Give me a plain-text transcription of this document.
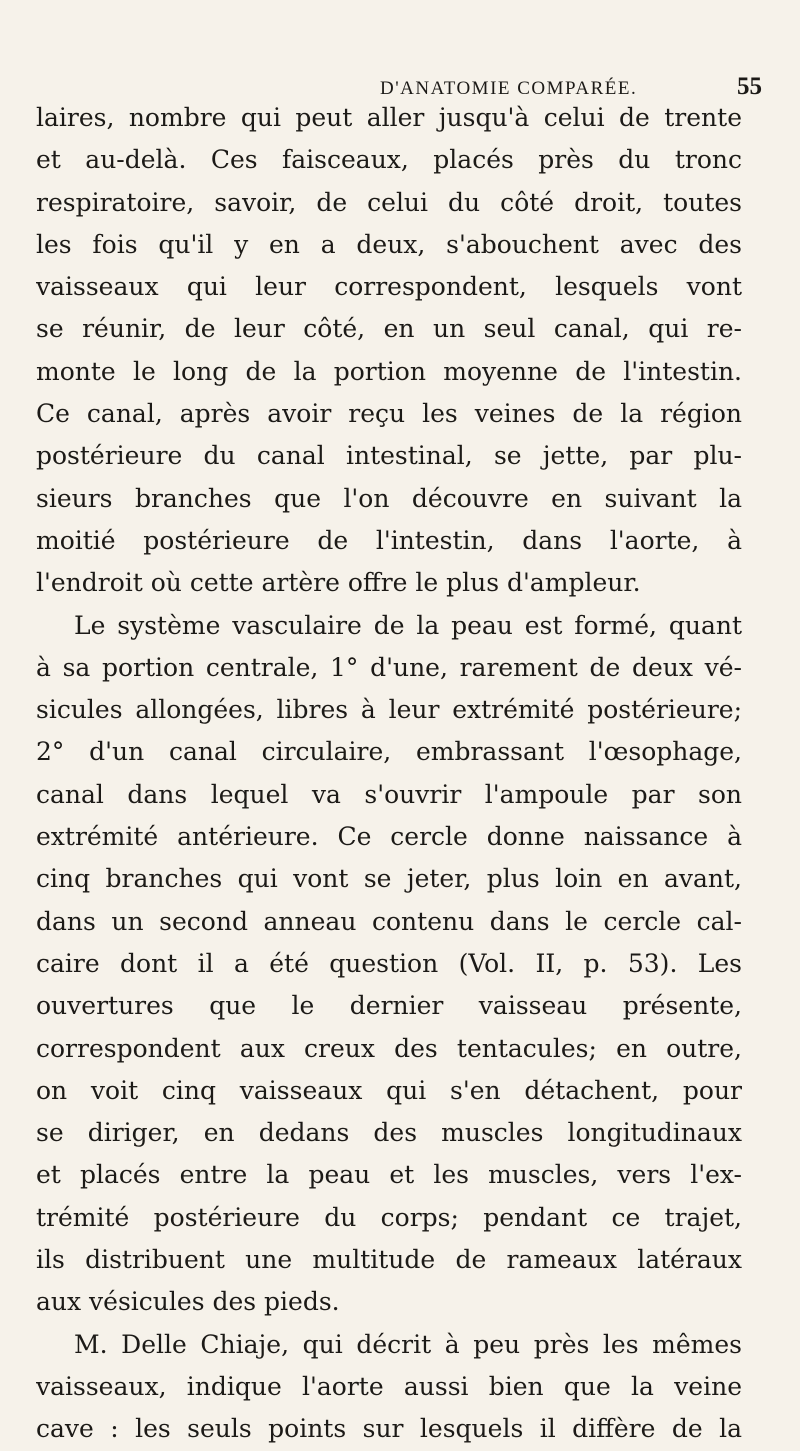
D'ANATOMIE COMPARÉE.	55
laires, nombre qui peut aller jusqu'à celui de trente
et au-delà. Ces faisceaux, placés près du tronc
respiratoire, savoir, de celui du côté droit, toutes
les fois qu'il y en a deux, s'abouchent avec des
vaisseaux qui leur correspondent, lesquels vont
se réunir, de leur côté, en un seul canal, qui re-
monte le long de la portion moyenne de l'intestin.
Ce canal, après avoir reçu les veines de la région
postérieure du canal intestinal, se jette, par plu-
sieurs branches que l'on découvre en suivant la
moitié postérieure de l'intestin, dans l'aorte, à
l'endroit où cette artère offre le plus d'ampleur.
Le système vasculaire de la peau est formé, quant
à sa portion centrale, 1° d'une, rarement de deux vé-
sicules allongées, libres à leur extrémité postérieure;
2° d'un canal circulaire, embrassant l'œsophage,
canal dans lequel va s'ouvrir l'ampoule par son
extrémité antérieure. Ce cercle donne naissance à
cinq branches qui vont se jeter, plus loin en avant,
dans un second anneau contenu dans le cercle cal-
caire dont il a été question (Vol. II, p. 53). Les
ouvertures que le dernier vaisseau présente,
correspondent aux creux des tentacules; en outre,
on voit cinq vaisseaux qui s'en détachent, pour
se diriger, en dedans des muscles longitudinaux
et placés entre la peau et les muscles, vers l'ex-
trémité postérieure du corps; pendant ce trajet,
ils distribuent une multitude de rameaux latéraux
aux vésicules des pieds.
M. Delle Chiaje, qui décrit à peu près les mêmes
vaisseaux, indique l'aorte aussi bien que la veine
cave : les seuls points sur lesquels il diffère de la
